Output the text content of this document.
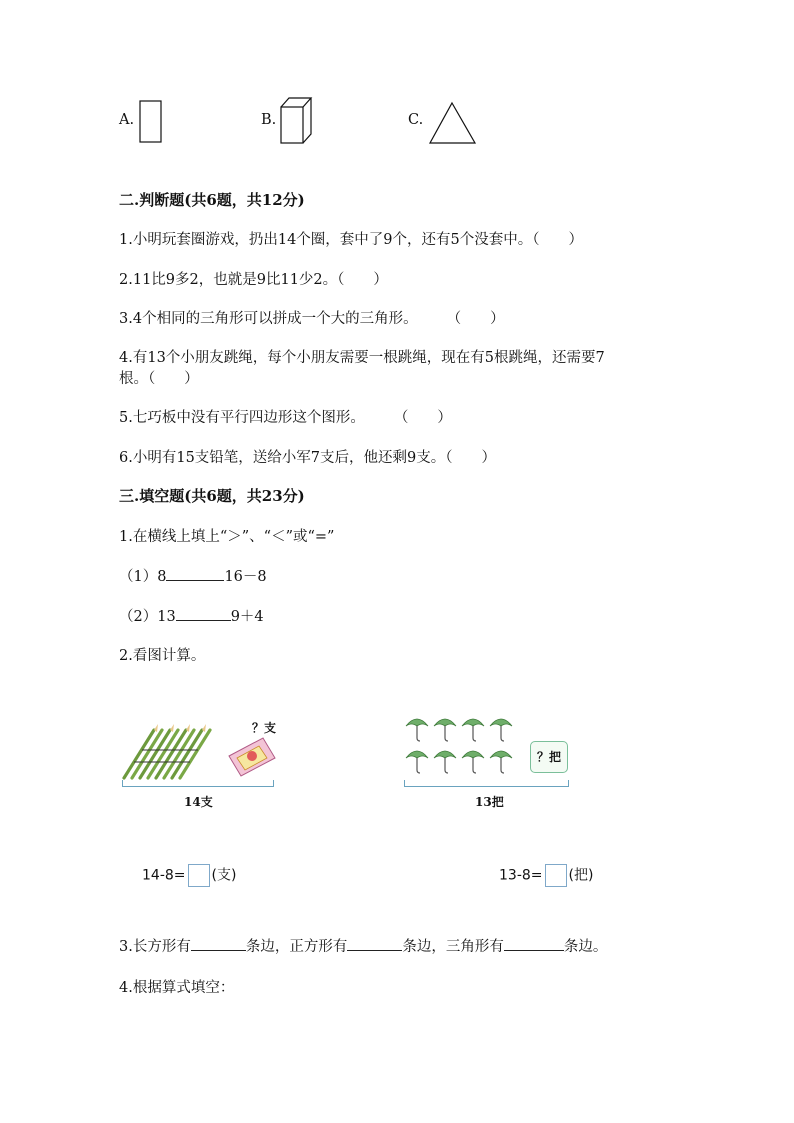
A.	B.	C.
二.判断题(共6题，共12分)
1.小明玩套圈游戏，扔出14个圈，套中了9个，还有5个没套中。（　　）
2.11比9多2，也就是9比11少2。（　　）
3.4个相同的三角形可以拼成一个大的三角形。　　　（　　）
4.有13个小朋友跳绳，每个小朋友需要一根跳绳，现在有5根跳绳，还需要7
根。（　　）
5.七巧板中没有平行四边形这个图形。　　　（　　）
6.小明有15支铅笔，送给小军7支后，他还剩9支。（　　）
三.填空题(共6题，共23分)
1.在横线上填上“＞”、“＜”或“=”
（1）8	16－8
（2）13	9＋4
2.看图计算。
？支
14支
？把
13把
14-8= (支)	13-8= (把)
3.长方形有	条边，正方形有	条边，三角形有	条边。
4.根据算式填空：
